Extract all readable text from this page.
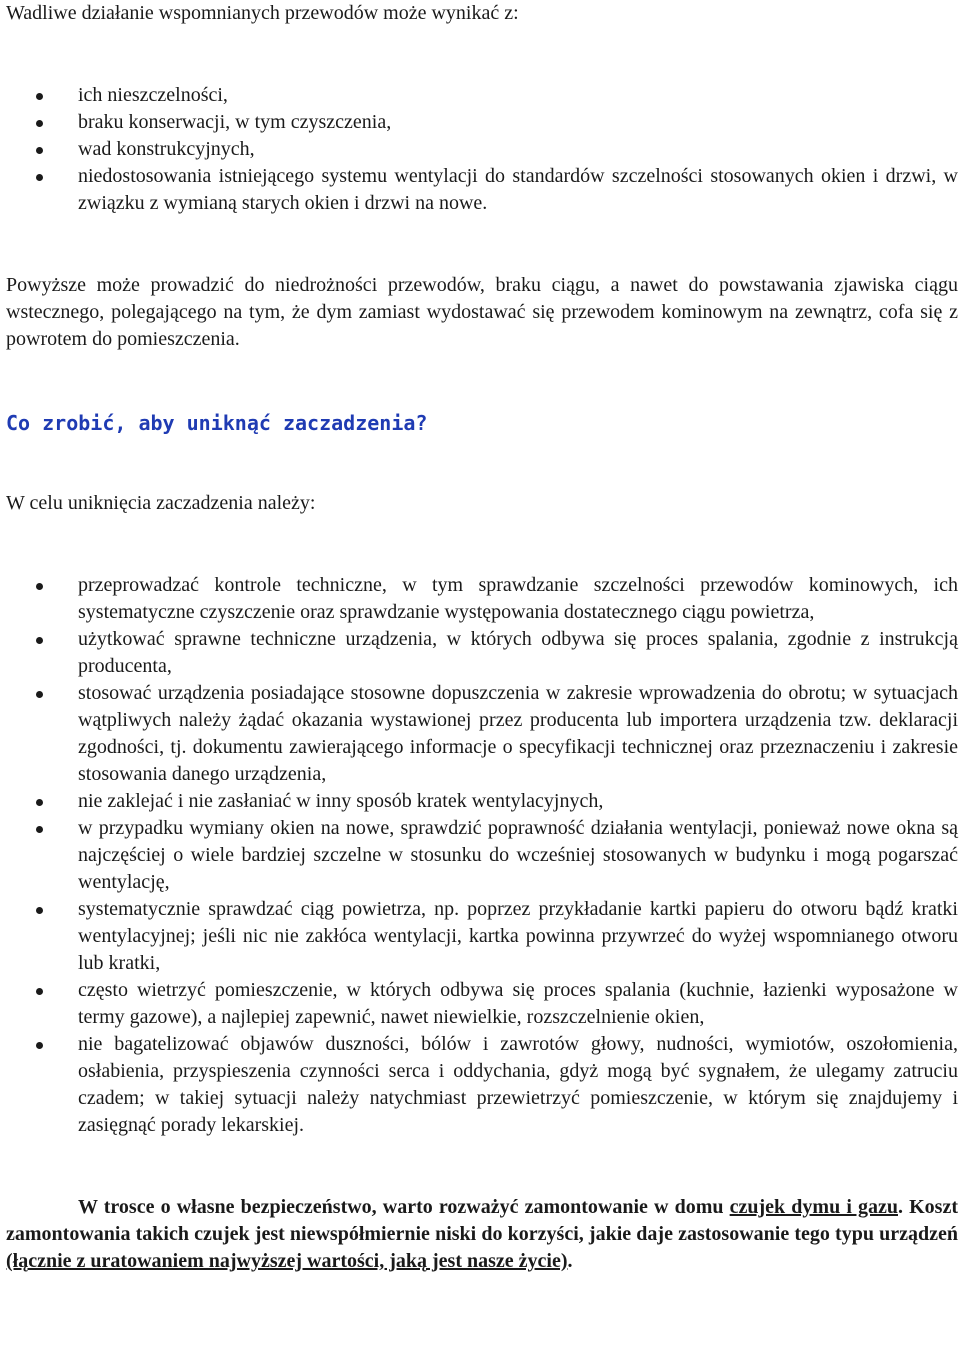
Wadliwe działanie wspomnianych przewodów może wynikać z:

ich nieszczelności,
braku konserwacji, w tym czyszczenia,
wad konstrukcyjnych,
niedostosowania istniejącego systemu wentylacji do standardów szczelności stosowanych okien i drzwi, w związku z wymianą starych okien i drzwi na nowe.

Powyższe może prowadzić do niedrożności przewodów, braku ciągu, a nawet do powstawania zjawiska ciągu wstecznego, polegającego na tym, że dym zamiast wydostawać się przewodem kominowym na zewnątrz, cofa się z powrotem do pomieszczenia.

Co zrobić, aby uniknąć zaczadzenia?

W celu uniknięcia zaczadzenia należy:

przeprowadzać kontrole techniczne, w tym sprawdzanie szczelności przewodów kominowych, ich systematyczne czyszczenie oraz sprawdzanie występowania dostatecznego ciągu powietrza,
użytkować sprawne techniczne urządzenia, w których odbywa się proces spalania, zgodnie z instrukcją producenta,
stosować urządzenia posiadające stosowne dopuszczenia w zakresie wprowadzenia do obrotu; w sytuacjach wątpliwych należy żądać okazania wystawionej przez producenta lub importera urządzenia tzw. deklaracji zgodności, tj. dokumentu zawierającego informacje o specyfikacji technicznej oraz przeznaczeniu i zakresie stosowania danego urządzenia,
nie zaklejać i nie zasłaniać w inny sposób kratek wentylacyjnych,
w przypadku wymiany okien na nowe, sprawdzić poprawność działania wentylacji, ponieważ nowe okna są najczęściej o wiele bardziej szczelne w stosunku do wcześniej stosowanych w budynku i mogą pogarszać wentylację,
systematycznie sprawdzać ciąg powietrza, np. poprzez przykładanie kartki papieru do otworu bądź kratki wentylacyjnej; jeśli nic nie zakłóca wentylacji, kartka powinna przywrzeć do wyżej wspomnianego otworu lub kratki,
często wietrzyć pomieszczenie, w których odbywa się proces spalania (kuchnie, łazienki wyposażone w termy gazowe), a najlepiej zapewnić, nawet niewielkie, rozszczelnienie okien,
nie bagatelizować objawów duszności, bólów i zawrotów głowy, nudności, wymiotów, oszołomienia, osłabienia, przyspieszenia czynności serca i oddychania, gdyż mogą być sygnałem, że ulegamy zatruciu czadem; w takiej sytuacji należy natychmiast przewietrzyć pomieszczenie, w którym się znajdujemy i zasięgnąć porady lekarskiej.

W trosce o własne bezpieczeństwo, warto rozważyć zamontowanie w domu czujek dymu i gazu. Koszt zamontowania takich czujek jest niewspółmiernie niski do korzyści, jakie daje zastosowanie tego typu urządzeń (łącznie z uratowaniem najwyższej wartości, jaką jest nasze życie).
